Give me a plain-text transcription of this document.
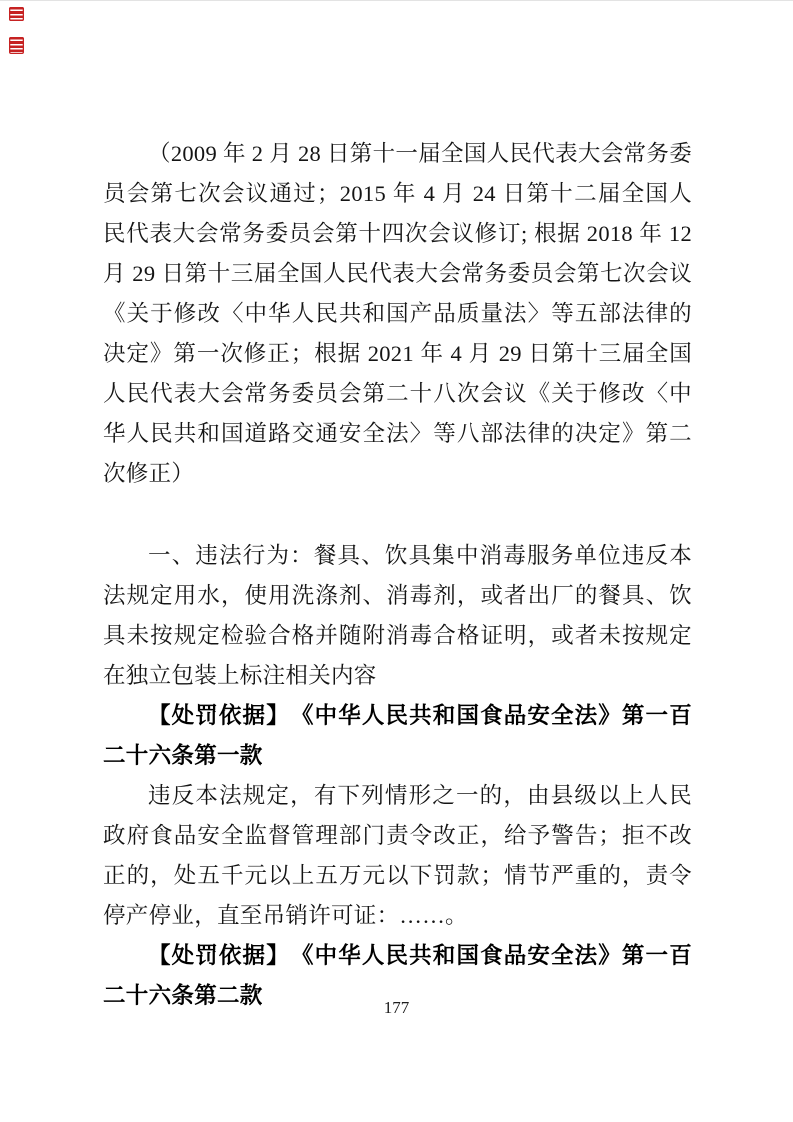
（2009 年 2 月 28 日第十一届全国人民代表大会常务委员会第七次会议通过；2015 年 4 月 24 日第十二届全国人民代表大会常务委员会第十四次会议修订; 根据 2018 年 12 月 29 日第十三届全国人民代表大会常务委员会第七次会议《关于修改〈中华人民共和国产品质量法〉等五部法律的决定》第一次修正；根据 2021 年 4 月 29 日第十三届全国人民代表大会常务委员会第二十八次会议《关于修改〈中华人民共和国道路交通安全法〉等八部法律的决定》第二次修正）

一、违法行为：餐具、饮具集中消毒服务单位违反本法规定用水，使用洗涤剂、消毒剂，或者出厂的餐具、饮具未按规定检验合格并随附消毒合格证明，或者未按规定在独立包装上标注相关内容

【处罚依据】　《中华人民共和国食品安全法》第一百二十六条第一款

违反本法规定，有下列情形之一的，由县级以上人民政府食品安全监督管理部门责令改正，给予警告；拒不改正的，处五千元以上五万元以下罚款；情节严重的，责令停产停业，直至吊销许可证：……。

【处罚依据】　《中华人民共和国食品安全法》第一百二十六条第二款	177
